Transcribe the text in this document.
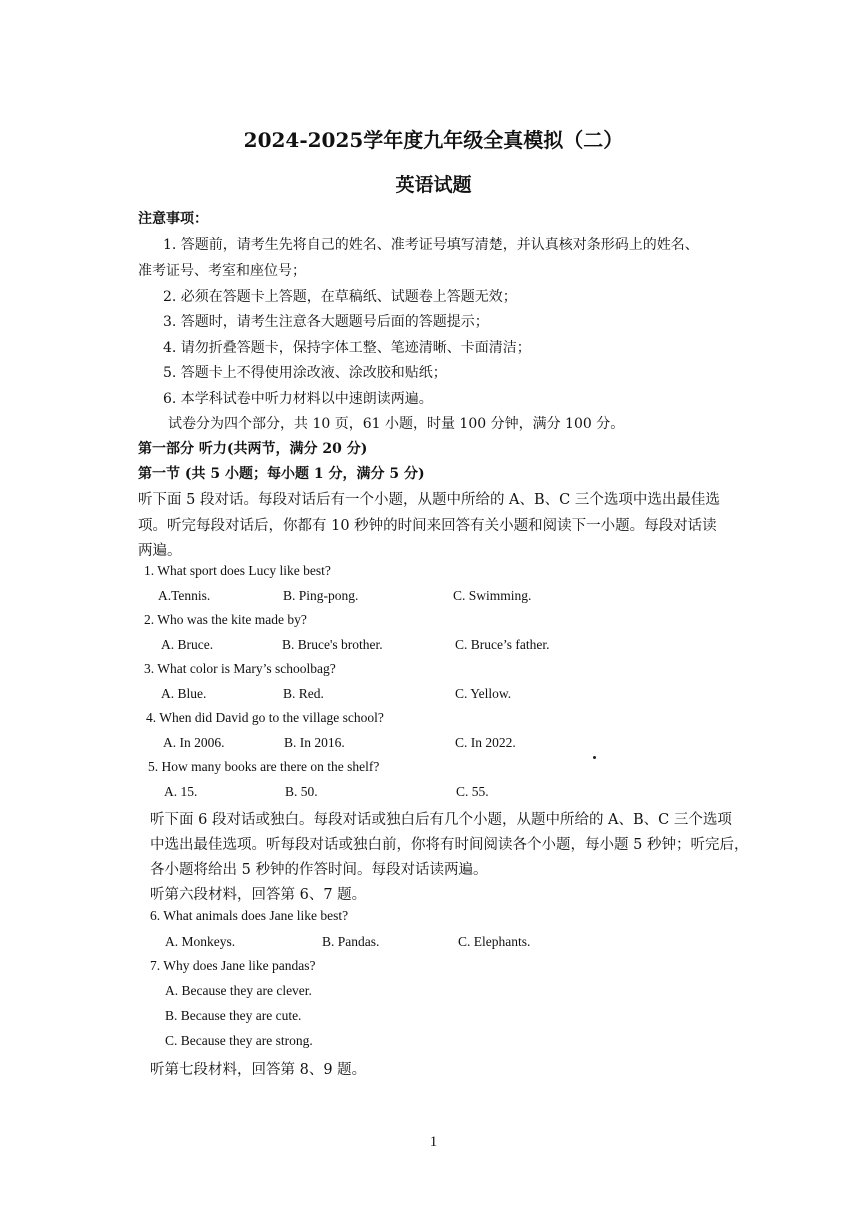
2024-2025学年度九年级全真模拟（二）
英语试题
注意事项：
1. 答题前，请考生先将自己的姓名、准考证号填写清楚，并认真核对条形码上的姓名、
准考证号、考室和座位号；
2. 必须在答题卡上答题，在草稿纸、试题卷上答题无效；
3. 答题时，请考生注意各大题题号后面的答题提示；
4. 请勿折叠答题卡，保持字体工整、笔迹清晰、卡面清洁；
5. 答题卡上不得使用涂改液、涂改胶和贴纸；
6. 本学科试卷中听力材料以中速朗读两遍。
试卷分为四个部分，共 10 页，61 小题，时量 100 分钟，满分 100 分。
第一部分 听力(共两节，满分 20 分)
第一节 (共 5 小题；每小题 1 分，满分 5 分)
听下面 5 段对话。每段对话后有一个小题，从题中所给的 A、B、C 三个选项中选出最佳选
项。听完每段对话后，你都有 10 秒钟的时间来回答有关小题和阅读下一小题。每段对话读
两遍。
1. What sport does Lucy like best?
A.Tennis.	B. Ping-pong.	C. Swimming.
2. Who was the kite made by?
A. Bruce.	B. Bruce's brother.	C. Bruce’s father.
3. What color is Mary’s schoolbag?
A. Blue.	B. Red.	C. Yellow.
4. When did David go to the village school?
A. In 2006.	B. In 2016.	C. In 2022.
5. How many books are there on the shelf?
A. 15.	B. 50.	C. 55.
听下面 6 段对话或独白。每段对话或独白后有几个小题，从题中所给的 A、B、C 三个选项
中选出最佳选项。听每段对话或独白前，你将有时间阅读各个小题，每小题 5 秒钟；听完后，
各小题将给出 5 秒钟的作答时间。每段对话读两遍。
听第六段材料，回答第 6、7 题。
6. What animals does Jane like best?
A. Monkeys.	B. Pandas.	C. Elephants.
7. Why does Jane like pandas?
A. Because they are clever.
B. Because they are cute.
C. Because they are strong.
听第七段材料，回答第 8、9 题。
1
